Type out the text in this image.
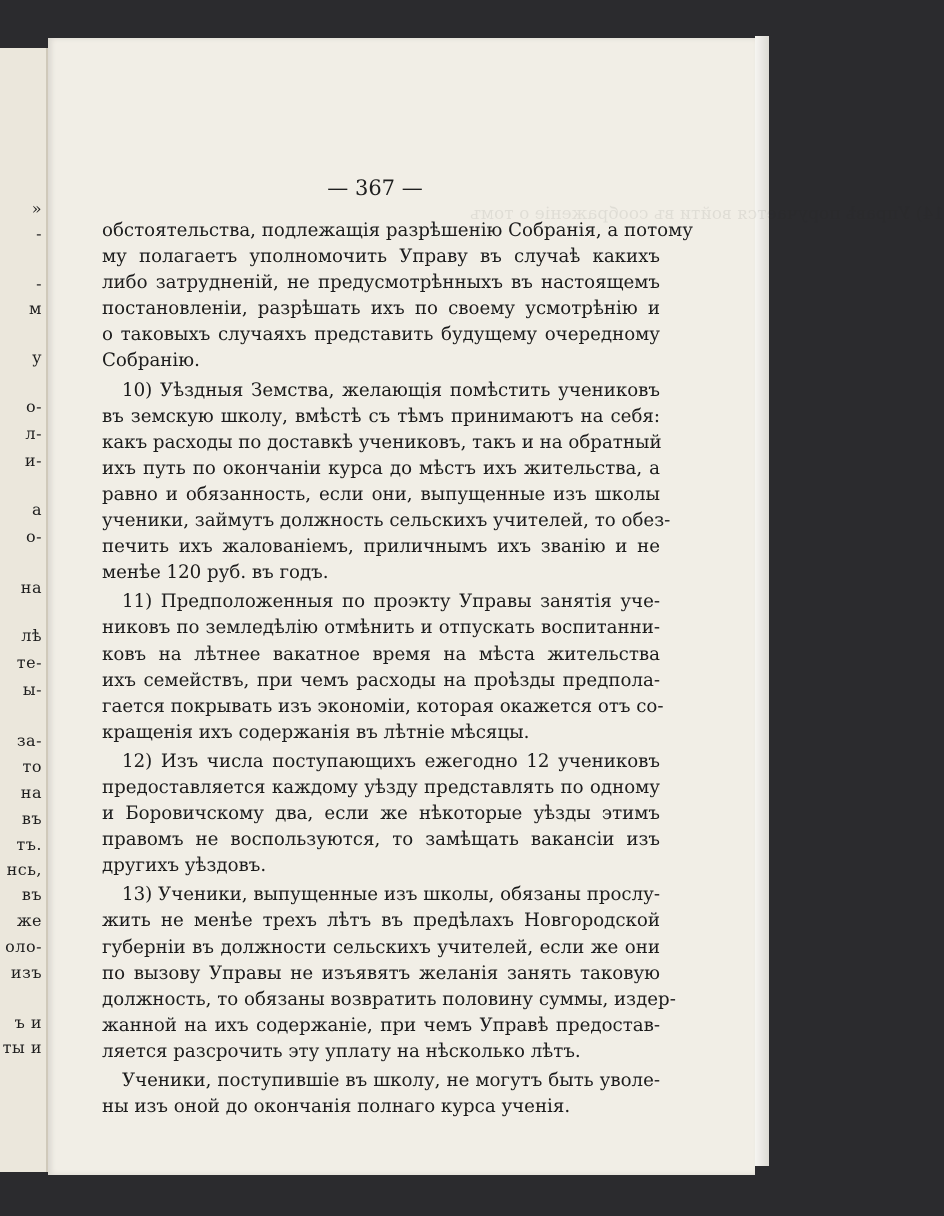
»
-
-
м
у
о-
л-
и-
а
о-
на
лѣ
те-
ы-
за-
то
на
въ
тъ.
нсь,
въ
же
оло-
изъ
ъ и
ты и
14) Управѣ поручается войти въ соображеніе о томъ
— 367 —
обстоятельства, подлежащія разрѣшенію Собранія, а потому
му полагаетъ уполномочить Управу въ случаѣ какихъ
либо затрудненій, не предусмотрѣнныхъ въ настоящемъ
постановленіи, разрѣшать ихъ по своему усмотрѣнію и
о таковыхъ случаяхъ представить будущему очередному
Собранію.
10) Уѣздныя Земства, желающія помѣстить учениковъ
въ земскую школу, вмѣстѣ съ тѣмъ принимаютъ на себя:
какъ расходы по доставкѣ учениковъ, такъ и на обратный
ихъ путь по окончаніи курса до мѣстъ ихъ жительства, а
равно и обязанность, если они, выпущенные изъ школы
ученики, займутъ должность сельскихъ учителей, то обез-
печить ихъ жалованіемъ, приличнымъ ихъ званію и не
менѣе 120 руб. въ годъ.
11) Предположенныя по проэкту Управы занятія уче-
никовъ по земледѣлію отмѣнить и отпускать воспитанни-
ковъ на лѣтнее вакатное время на мѣста жительства
ихъ семействъ, при чемъ расходы на проѣзды предпола-
гается покрывать изъ экономіи, которая окажется отъ со-
кращенія ихъ содержанія въ лѣтніе мѣсяцы.
12) Изъ числа поступающихъ ежегодно 12 учениковъ
предоставляется каждому уѣзду представлять по одному
и Боровичскому два, если же нѣкоторые уѣзды этимъ
правомъ не воспользуются, то замѣщать вакансіи изъ
другихъ уѣздовъ.
13) Ученики, выпущенные изъ школы, обязаны прослу-
жить не менѣе трехъ лѣтъ въ предѣлахъ Новгородской
губерніи въ должности сельскихъ учителей, если же они
по вызову Управы не изъявятъ желанія занять таковую
должность, то обязаны возвратить половину суммы, издер-
жанной на ихъ содержаніе, при чемъ Управѣ предостав-
ляется разсрочить эту уплату на нѣсколько лѣтъ.
Ученики, поступившіе въ школу, не могутъ быть уволе-
ны изъ оной до окончанія полнаго курса ученія.
